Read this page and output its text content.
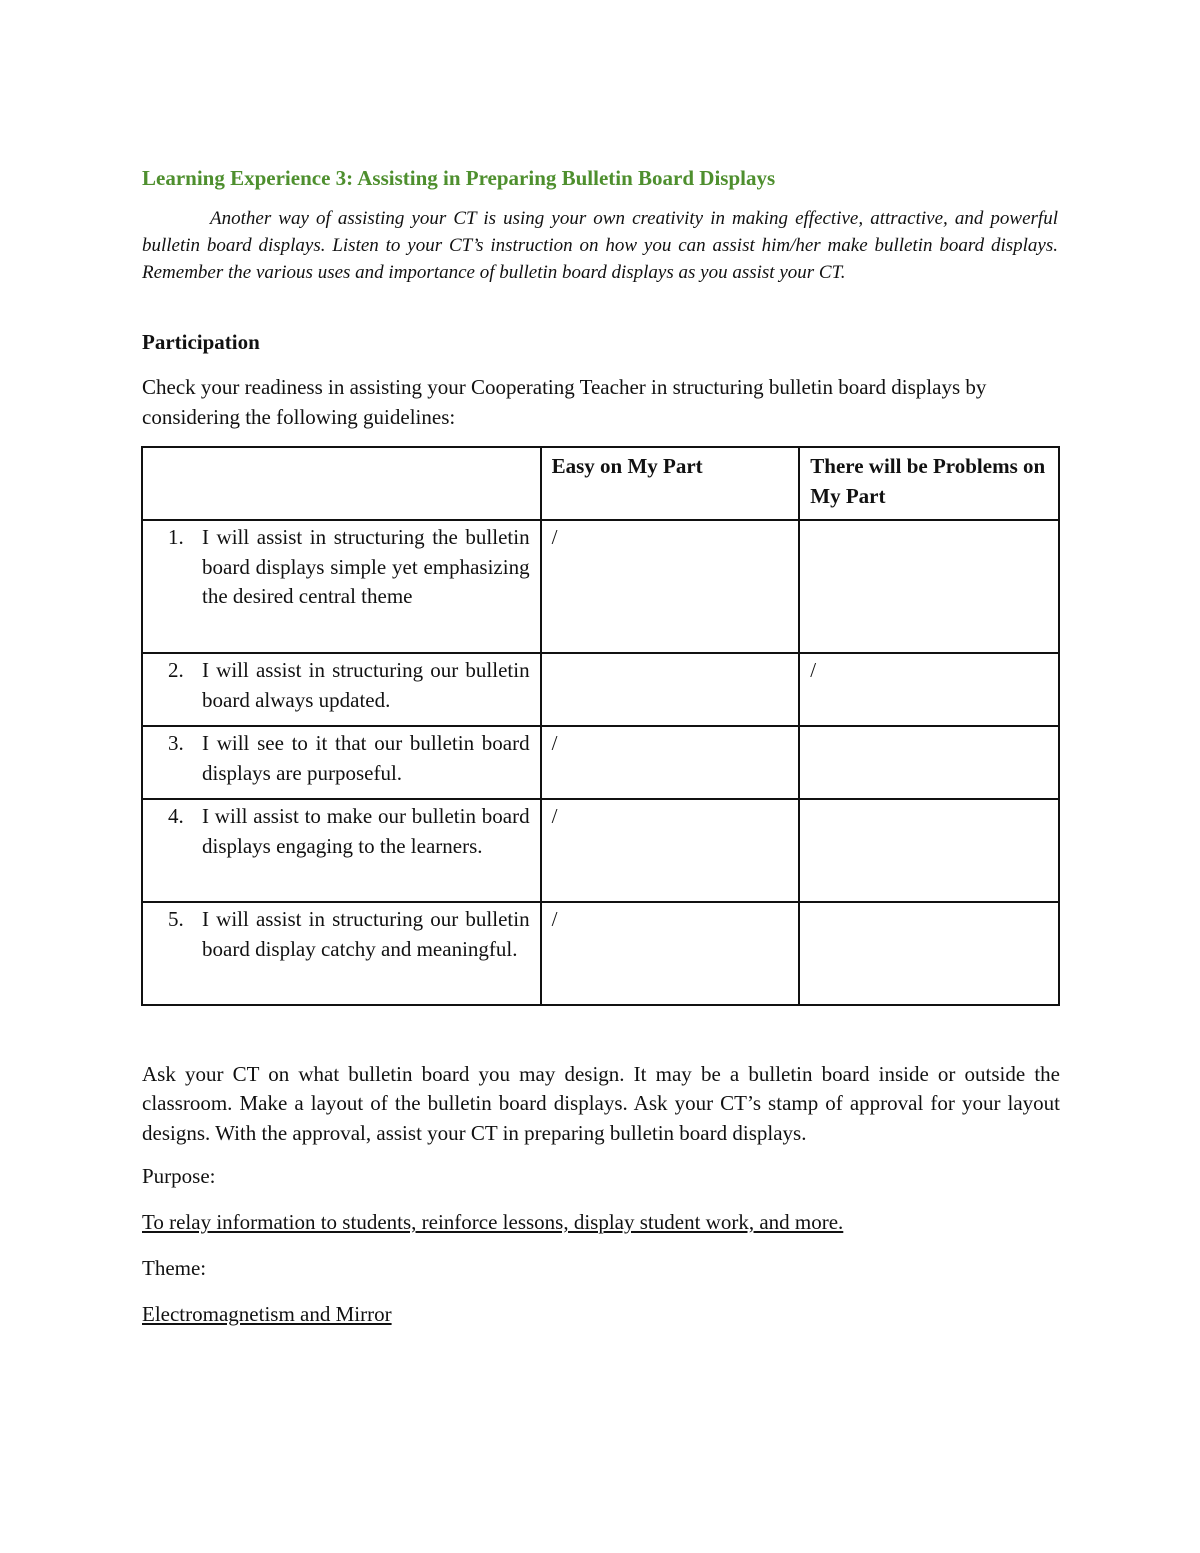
Learning Experience 3: Assisting in Preparing Bulletin Board Displays

Another way of assisting your CT is using your own creativity in making effective, attractive, and powerful bulletin board displays. Listen to your CT’s instruction on how you can assist him/her make bulletin board displays. Remember the various uses and importance of bulletin board displays as you assist your CT.

Participation

Check your readiness in assisting your Cooperating Teacher in structuring bulletin board displays by considering the following guidelines:

	Easy on My Part	There will be Problems on My Part

1. I will assist in structuring the bulletin board displays simple yet emphasizing the desired central theme	/	

2. I will assist in structuring our bulletin board always updated.		/

3. I will see to it that our bulletin board displays are purposeful.	/	

4. I will assist to make our bulletin board displays engaging to the learners.	/	

5. I will assist in structuring our bulletin board display catchy and meaningful.	/	

Ask your CT on what bulletin board you may design. It may be a bulletin board inside or outside the classroom. Make a layout of the bulletin board displays. Ask your CT’s stamp of approval for your layout designs. With the approval, assist your CT in preparing bulletin board displays.

Purpose:
To relay information to students, reinforce lessons, display student work, and more.
Theme:
Electromagnetism and Mirror
